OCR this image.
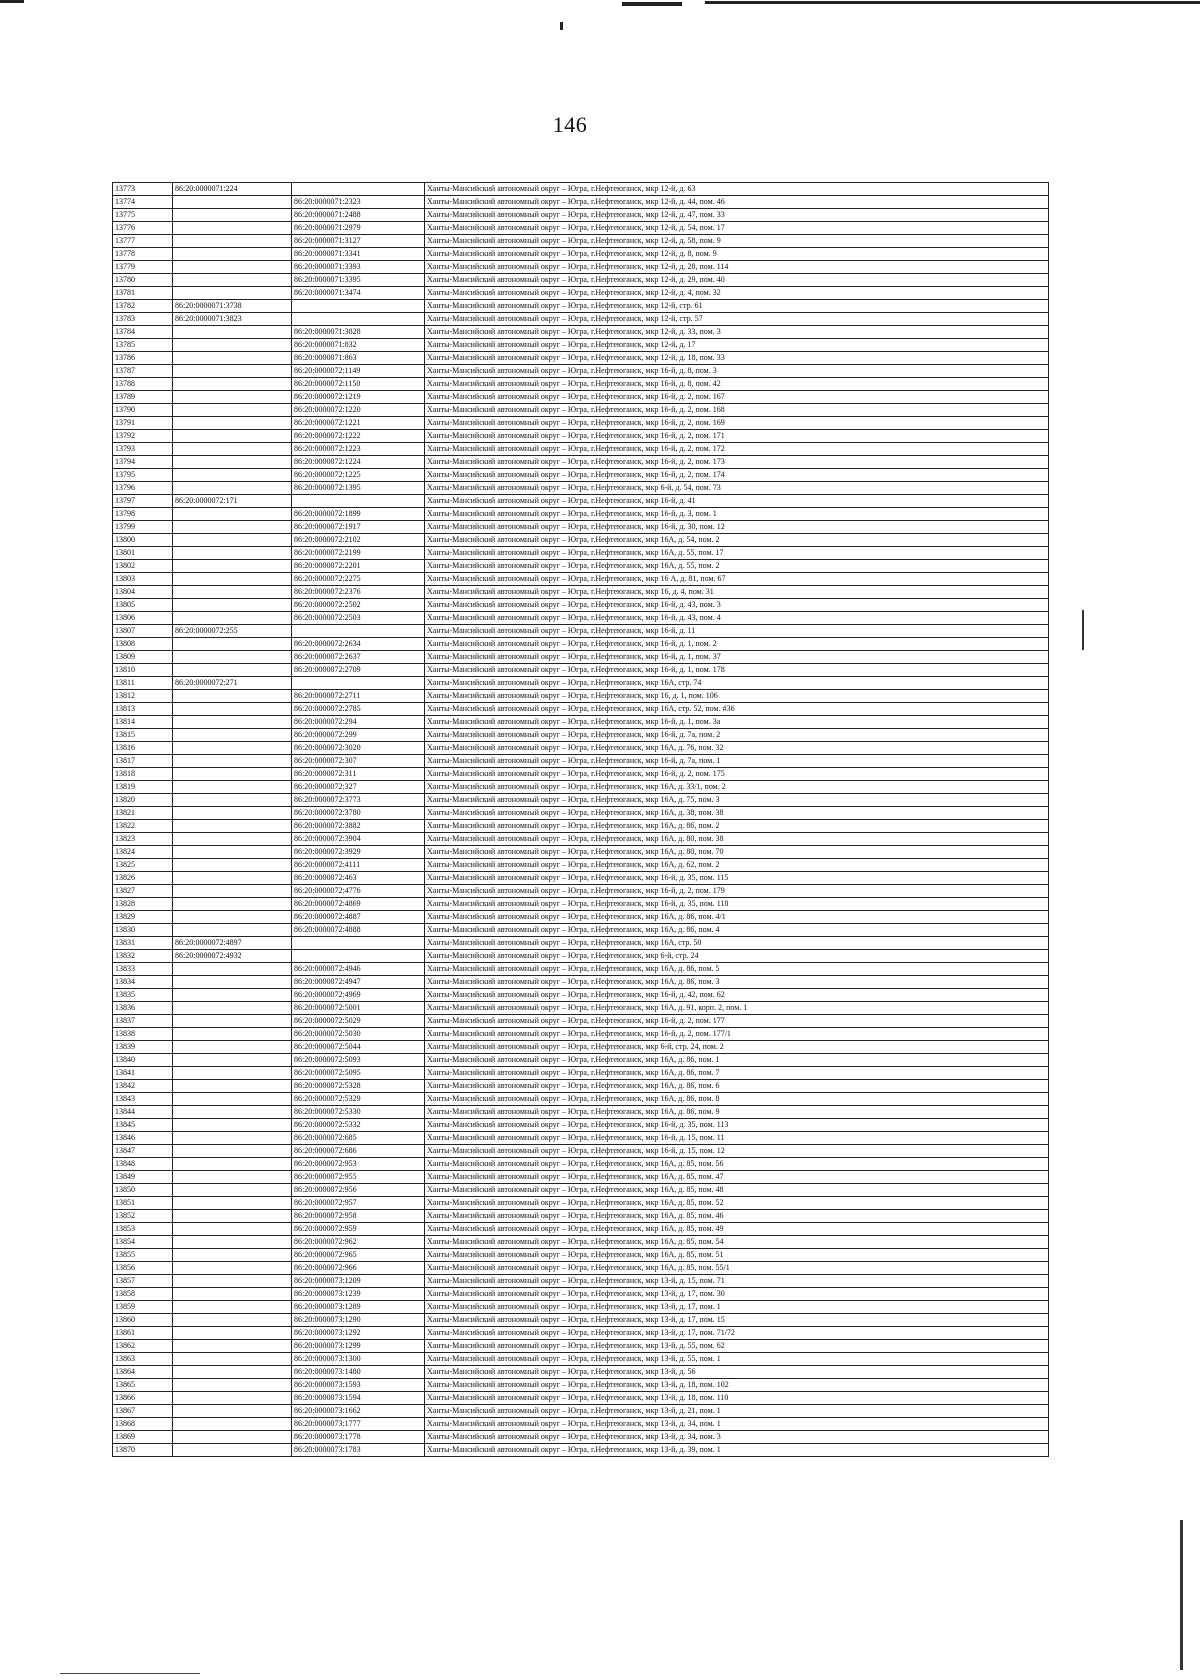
146
13773	86:20:0000071:224		Ханты-Мансийский автономный округ – Югра, г.Нефтеюганск, мкр 12-й, д. 63
13774		86:20:0000071:2323	Ханты-Мансийский автономный округ – Югра, г.Нефтеюганск, мкр 12-й, д. 44, пом. 46
13775		86:20:0000071:2488	Ханты-Мансийский автономный округ – Югра, г.Нефтеюганск, мкр 12-й, д. 47, пом. 33
13776		86:20:0000071:2979	Ханты-Мансийский автономный округ – Югра, г.Нефтеюганск, мкр 12-й, д. 54, пом. 17
13777		86:20:0000071:3127	Ханты-Мансийский автономный округ – Югра, г.Нефтеюганск, мкр 12-й, д. 58, пом. 9
13778		86:20:0000071:3341	Ханты-Мансийский автономный округ – Югра, г.Нефтеюганск, мкр 12-й, д. 8, пом. 9
13779		86:20:0000071:3393	Ханты-Мансийский автономный округ – Югра, г.Нефтеюганск, мкр 12-й, д. 28, пом. 114
13780		86:20:0000071:3395	Ханты-Мансийский автономный округ – Югра, г.Нефтеюганск, мкр 12-й, д. 29, пом. 40
13781		86:20:0000071:3474	Ханты-Мансийский автономный округ – Югра, г.Нефтеюганск, мкр 12-й, д. 4, пом. 32
13782	86:20:0000071:3738		Ханты-Мансийский автономный округ – Югра, г.Нефтеюганск, мкр 12-й, стр. 61
13783	86:20:0000071:3823		Ханты-Мансийский автономный округ – Югра, г.Нефтеюганск, мкр 12-й, стр. 57
13784		86:20:0000071:3828	Ханты-Мансийский автономный округ – Югра, г.Нефтеюганск, мкр 12-й, д. 33, пом. 3
13785		86:20:0000071:832	Ханты-Мансийский автономный округ – Югра, г.Нефтеюганск, мкр 12-й, д. 17
13786		86:20:0000071:863	Ханты-Мансийский автономный округ – Югра, г.Нефтеюганск, мкр 12-й, д. 18, пом. 33
13787		86:20:0000072:1149	Ханты-Мансийский автономный округ – Югра, г.Нефтеюганск, мкр 16-й, д. 8, пом. 3
13788		86:20:0000072:1150	Ханты-Мансийский автономный округ – Югра, г.Нефтеюганск, мкр 16-й, д. 8, пом. 42
13789		86:20:0000072:1219	Ханты-Мансийский автономный округ – Югра, г.Нефтеюганск, мкр 16-й, д. 2, пом. 167
13790		86:20:0000072:1220	Ханты-Мансийский автономный округ – Югра, г.Нефтеюганск, мкр 16-й, д. 2, пом. 168
13791		86:20:0000072:1221	Ханты-Мансийский автономный округ – Югра, г.Нефтеюганск, мкр 16-й, д. 2, пом. 169
13792		86:20:0000072:1222	Ханты-Мансийский автономный округ – Югра, г.Нефтеюганск, мкр 16-й, д. 2, пом. 171
13793		86:20:0000072:1223	Ханты-Мансийский автономный округ – Югра, г.Нефтеюганск, мкр 16-й, д. 2, пом. 172
13794		86:20:0000072:1224	Ханты-Мансийский автономный округ – Югра, г.Нефтеюганск, мкр 16-й, д. 2, пом. 173
13795		86:20:0000072:1225	Ханты-Мансийский автономный округ – Югра, г.Нефтеюганск, мкр 16-й, д. 2, пом. 174
13796		86:20:0000072:1395	Ханты-Мансийский автономный округ – Югра, г.Нефтеюганск, мкр 6-й, д. 54, пом. 73
13797	86:20:0000072:171		Ханты-Мансийский автономный округ – Югра, г.Нефтеюганск, мкр 16-й, д. 41
13798		86:20:0000072:1899	Ханты-Мансийский автономный округ – Югра, г.Нефтеюганск, мкр 16-й, д. 3, пом. 1
13799		86:20:0000072:1917	Ханты-Мансийский автономный округ – Югра, г.Нефтеюганск, мкр 16-й, д. 30, пом. 12
13800		86:20:0000072:2102	Ханты-Мансийский автономный округ – Югра, г.Нефтеюганск, мкр 16А, д. 54, пом. 2
13801		86:20:0000072:2199	Ханты-Мансийский автономный округ – Югра, г.Нефтеюганск, мкр 16А, д. 55, пом. 17
13802		86:20:0000072:2201	Ханты-Мансийский автономный округ – Югра, г.Нефтеюганск, мкр 16А, д. 55, пом. 2
13803		86:20:0000072:2275	Ханты-Мансийский автономный округ – Югра, г.Нефтеюганск, мкр 16 А, д. 81, пом. 67
13804		86:20:0000072:2376	Ханты-Мансийский автономный округ – Югра, г.Нефтеюганск, мкр 16, д. 4, пом. 31
13805		86:20:0000072:2502	Ханты-Мансийский автономный округ – Югра, г.Нефтеюганск, мкр 16-й, д. 43, пом. 3
13806		86:20:0000072:2503	Ханты-Мансийский автономный округ – Югра, г.Нефтеюганск, мкр 16-й, д. 43, пом. 4
13807	86:20:0000072:255		Ханты-Мансийский автономный округ – Югра, г.Нефтеюганск, мкр 16-й, д. 11
13808		86:20:0000072:2634	Ханты-Мансийский автономный округ – Югра, г.Нефтеюганск, мкр 16-й, д. 1, пом. 2
13809		86:20:0000072:2637	Ханты-Мансийский автономный округ – Югра, г.Нефтеюганск, мкр 16-й, д. 1, пом. 37
13810		86:20:0000072:2709	Ханты-Мансийский автономный округ – Югра, г.Нефтеюганск, мкр 16-й, д. 1, пом. 178
13811	86:20:0000072:271		Ханты-Мансийский автономный округ – Югра, г.Нефтеюганск, мкр 16А, стр. 74
13812		86:20:0000072:2711	Ханты-Мансийский автономный округ – Югра, г.Нефтеюганск, мкр 16, д. 1, пом. 106
13813		86:20:0000072:2785	Ханты-Мансийский автономный округ – Югра, г.Нефтеюганск, мкр 16А, стр. 52, пом. #36
13814		86:20:0000072:294	Ханты-Мансийский автономный округ – Югра, г.Нефтеюганск, мкр 16-й, д. 1, пом. 3а
13815		86:20:0000072:299	Ханты-Мансийский автономный округ – Югра, г.Нефтеюганск, мкр 16-й, д. 7а, пом. 2
13816		86:20:0000072:3020	Ханты-Мансийский автономный округ – Югра, г.Нефтеюганск, мкр 16А, д. 76, пом. 32
13817		86:20:0000072:307	Ханты-Мансийский автономный округ – Югра, г.Нефтеюганск, мкр 16-й, д. 7а, пом. 1
13818		86:20:0000072:311	Ханты-Мансийский автономный округ – Югра, г.Нефтеюганск, мкр 16-й, д. 2, пом. 175
13819		86:20:0000072:327	Ханты-Мансийский автономный округ – Югра, г.Нефтеюганск, мкр 16А, д. 33/1, пом. 2
13820		86:20:0000072:3773	Ханты-Мансийский автономный округ – Югра, г.Нефтеюганск, мкр 16А, д. 75, пом. 3
13821		86:20:0000072:3780	Ханты-Мансийский автономный округ – Югра, г.Нефтеюганск, мкр 16А, д. 38, пом. 38
13822		86:20:0000072:3882	Ханты-Мансийский автономный округ – Югра, г.Нефтеюганск, мкр 16А, д. 86, пом. 2
13823		86:20:0000072:3904	Ханты-Мансийский автономный округ – Югра, г.Нефтеюганск, мкр 16А, д. 80, пом. 38
13824		86:20:0000072:3929	Ханты-Мансийский автономный округ – Югра, г.Нефтеюганск, мкр 16А, д. 80, пом. 70
13825		86:20:0000072:4111	Ханты-Мансийский автономный округ – Югра, г.Нефтеюганск, мкр 16А, д. 62, пом. 2
13826		86:20:0000072:463	Ханты-Мансийский автономный округ – Югра, г.Нефтеюганск, мкр 16-й, д. 35, пом. 115
13827		86:20:0000072:4776	Ханты-Мансийский автономный округ – Югра, г.Нефтеюганск, мкр 16-й, д. 2, пом. 179
13828		86:20:0000072:4869	Ханты-Мансийский автономный округ – Югра, г.Нефтеюганск, мкр 16-й, д. 35, пом. 118
13829		86:20:0000072:4887	Ханты-Мансийский автономный округ – Югра, г.Нефтеюганск, мкр 16А, д. 86, пом. 4/1
13830		86:20:0000072:4888	Ханты-Мансийский автономный округ – Югра, г.Нефтеюганск, мкр 16А, д. 86, пом. 4
13831	86:20:0000072:4897		Ханты-Мансийский автономный округ – Югра, г.Нефтеюганск, мкр 16А, стр. 50
13832	86:20:0000072:4932		Ханты-Мансийский автономный округ – Югра, г.Нефтеюганск, мкр 6-й, стр. 24
13833		86:20:0000072:4946	Ханты-Мансийский автономный округ – Югра, г.Нефтеюганск, мкр 16А, д. 86, пом. 5
13834		86:20:0000072:4947	Ханты-Мансийский автономный округ – Югра, г.Нефтеюганск, мкр 16А, д. 86, пом. 3
13835		86:20:0000072:4969	Ханты-Мансийский автономный округ – Югра, г.Нефтеюганск, мкр 16-й, д. 42, пом. 62
13836		86:20:0000072:5001	Ханты-Мансийский автономный округ – Югра, г.Нефтеюганск, мкр 16А, д. 91, корп. 2, пом. 1
13837		86:20:0000072:5029	Ханты-Мансийский автономный округ – Югра, г.Нефтеюганск, мкр 16-й, д. 2, пом. 177
13838		86:20:0000072:5030	Ханты-Мансийский автономный округ – Югра, г.Нефтеюганск, мкр 16-й, д. 2, пом. 177/1
13839		86:20:0000072:5044	Ханты-Мансийский автономный округ – Югра, г.Нефтеюганск, мкр 6-й, стр. 24, пом. 2
13840		86:20:0000072:5093	Ханты-Мансийский автономный округ – Югра, г.Нефтеюганск, мкр 16А, д. 86, пом. 1
13841		86:20:0000072:5095	Ханты-Мансийский автономный округ – Югра, г.Нефтеюганск, мкр 16А, д. 86, пом. 7
13842		86:20:0000072:5328	Ханты-Мансийский автономный округ – Югра, г.Нефтеюганск, мкр 16А, д. 86, пом. 6
13843		86:20:0000072:5329	Ханты-Мансийский автономный округ – Югра, г.Нефтеюганск, мкр 16А, д. 86, пом. 8
13844		86:20:0000072:5330	Ханты-Мансийский автономный округ – Югра, г.Нефтеюганск, мкр 16А, д. 86, пом. 9
13845		86:20:0000072:5332	Ханты-Мансийский автономный округ – Югра, г.Нефтеюганск, мкр 16-й, д. 35, пом. 113
13846		86:20:0000072:685	Ханты-Мансийский автономный округ – Югра, г.Нефтеюганск, мкр 16-й, д. 15, пом. 11
13847		86:20:0000072:686	Ханты-Мансийский автономный округ – Югра, г.Нефтеюганск, мкр 16-й, д. 15, пом. 12
13848		86:20:0000072:953	Ханты-Мансийский автономный округ – Югра, г.Нефтеюганск, мкр 16А, д. 85, пом. 56
13849		86:20:0000072:955	Ханты-Мансийский автономный округ – Югра, г.Нефтеюганск, мкр 16А, д. 85, пом. 47
13850		86:20:0000072:956	Ханты-Мансийский автономный округ – Югра, г.Нефтеюганск, мкр 16А, д. 85, пом. 48
13851		86:20:0000072:957	Ханты-Мансийский автономный округ – Югра, г.Нефтеюганск, мкр 16А, д. 85, пом. 52
13852		86:20:0000072:958	Ханты-Мансийский автономный округ – Югра, г.Нефтеюганск, мкр 16А, д. 85, пом. 46
13853		86:20:0000072:959	Ханты-Мансийский автономный округ – Югра, г.Нефтеюганск, мкр 16А, д. 85, пом. 49
13854		86:20:0000072:962	Ханты-Мансийский автономный округ – Югра, г.Нефтеюганск, мкр 16А, д. 85, пом. 54
13855		86:20:0000072:965	Ханты-Мансийский автономный округ – Югра, г.Нефтеюганск, мкр 16А, д. 85, пом. 51
13856		86:20:0000072:966	Ханты-Мансийский автономный округ – Югра, г.Нефтеюганск, мкр 16А, д. 85, пом. 55/1
13857		86:20:0000073:1209	Ханты-Мансийский автономный округ – Югра, г.Нефтеюганск, мкр 13-й, д. 15, пом. 71
13858		86:20:0000073:1239	Ханты-Мансийский автономный округ – Югра, г.Нефтеюганск, мкр 13-й, д. 17, пом. 30
13859		86:20:0000073:1289	Ханты-Мансийский автономный округ – Югра, г.Нефтеюганск, мкр 13-й, д. 17, пом. 1
13860		86:20:0000073:1290	Ханты-Мансийский автономный округ – Югра, г.Нефтеюганск, мкр 13-й, д. 17, пом. 15
13861		86:20:0000073:1292	Ханты-Мансийский автономный округ – Югра, г.Нефтеюганск, мкр 13-й, д. 17, пом. 71/72
13862		86:20:0000073:1299	Ханты-Мансийский автономный округ – Югра, г.Нефтеюганск, мкр 13-й, д. 55, пом. 62
13863		86:20:0000073:1300	Ханты-Мансийский автономный округ – Югра, г.Нефтеюганск, мкр 13-й, д. 55, пом. 1
13864		86:20:0000073:1480	Ханты-Мансийский автономный округ – Югра, г.Нефтеюганск, мкр 13-й, д. 56
13865		86:20:0000073:1593	Ханты-Мансийский автономный округ – Югра, г.Нефтеюганск, мкр 13-й, д. 18, пом. 102
13866		86:20:0000073:1594	Ханты-Мансийский автономный округ – Югра, г.Нефтеюганск, мкр 13-й, д. 18, пом. 110
13867		86:20:0000073:1662	Ханты-Мансийский автономный округ – Югра, г.Нефтеюганск, мкр 13-й, д. 21, пом. 1
13868		86:20:0000073:1777	Ханты-Мансийский автономный округ – Югра, г.Нефтеюганск, мкр 13-й, д. 34, пом. 1
13869		86:20:0000073:1778	Ханты-Мансийский автономный округ – Югра, г.Нефтеюганск, мкр 13-й, д. 34, пом. 3
13870		86:20:0000073:1783	Ханты-Мансийский автономный округ – Югра, г.Нефтеюганск, мкр 13-й, д. 39, пом. 1
